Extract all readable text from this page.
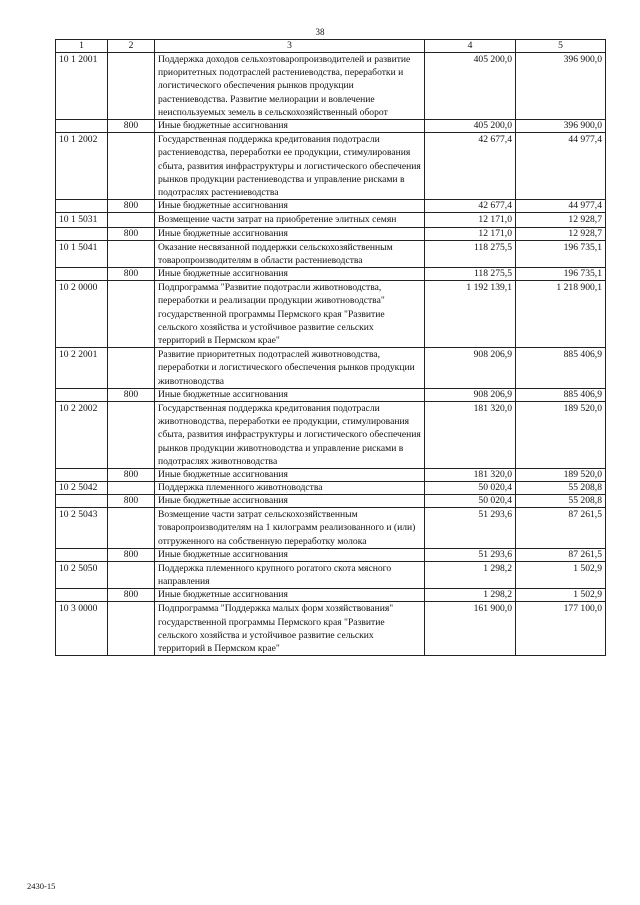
38
1	2	3	4	5
10 1 2001		Поддержка доходов сельхозтоваропроизводителей и развитие приоритетных подотраслей растениеводства, переработки и логистического обеспечения рынков продукции растениеводства. Развитие мелиорации и вовлечение неиспользуемых земель в сельскохозяйственный оборот	405 200,0	396 900,0
	800	Иные бюджетные ассигнования	405 200,0	396 900,0
10 1 2002		Государственная поддержка кредитования подотрасли растениеводства, переработки ее продукции, стимулирования сбыта, развития инфраструктуры и логистического обеспечения рынков продукции растениеводства и управление рисками в подотраслях растениеводства	42 677,4	44 977,4
	800	Иные бюджетные ассигнования	42 677,4	44 977,4
10 1 5031		Возмещение части затрат на приобретение элитных семян	12 171,0	12 928,7
	800	Иные бюджетные ассигнования	12 171,0	12 928,7
10 1 5041		Оказание несвязанной поддержки сельскохозяйственным товаропроизводителям в области растениеводства	118 275,5	196 735,1
	800	Иные бюджетные ассигнования	118 275,5	196 735,1
10 2 0000		Подпрограмма "Развитие подотрасли животноводства, переработки и реализации продукции животноводства" государственной программы Пермского края "Развитие сельского хозяйства и устойчивое развитие сельских территорий в Пермском крае"	1 192 139,1	1 218 900,1
10 2 2001		Развитие приоритетных подотраслей животноводства, переработки и логистического обеспечения рынков продукции животноводства	908 206,9	885 406,9
	800	Иные бюджетные ассигнования	908 206,9	885 406,9
10 2 2002		Государственная поддержка кредитования подотрасли животноводства, переработки ее продукции, стимулирования сбыта, развития инфраструктуры и логистического обеспечения рынков продукции животноводства и управление рисками в подотраслях животноводства	181 320,0	189 520,0
	800	Иные бюджетные ассигнования	181 320,0	189 520,0
10 2 5042		Поддержка племенного животноводства	50 020,4	55 208,8
	800	Иные бюджетные ассигнования	50 020,4	55 208,8
10 2 5043		Возмещение части затрат сельскохозяйственным товаропроизводителям на 1 килограмм реализованного и (или) отгруженного на собственную переработку молока	51 293,6	87 261,5
	800	Иные бюджетные ассигнования	51 293,6	87 261,5
10 2 5050		Поддержка племенного крупного рогатого скота мясного направления	1 298,2	1 502,9
	800	Иные бюджетные ассигнования	1 298,2	1 502,9
10 3 0000		Подпрограмма "Поддержка малых форм хозяйствования" государственной программы Пермского края "Развитие сельского хозяйства и устойчивое развитие сельских территорий в Пермском крае"	161 900,0	177 100,0
2430-15
